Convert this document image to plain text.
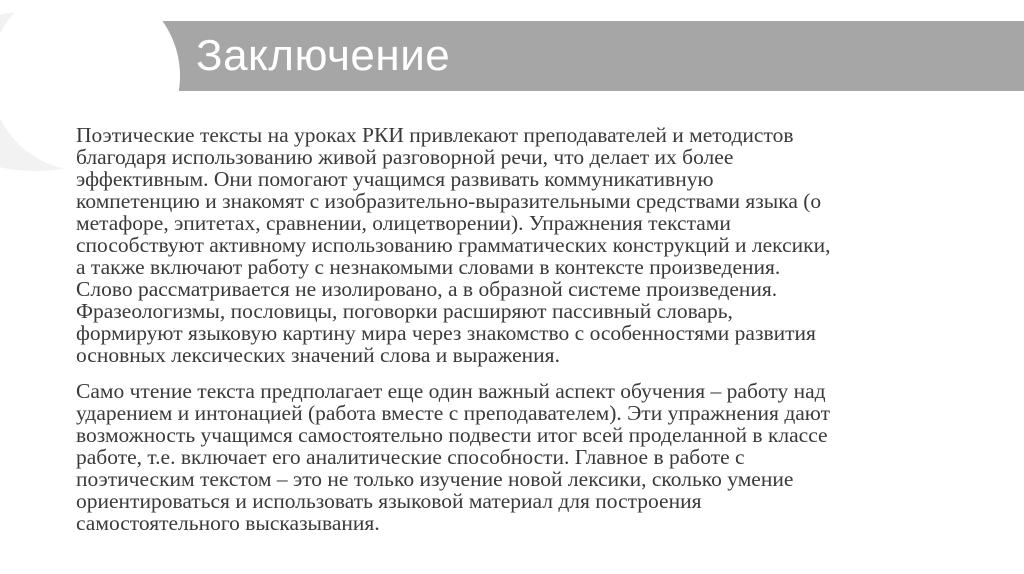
Заключение

Поэтические тексты на уроках РКИ привлекают преподавателей и методистов
благодаря использованию живой разговорной речи, что делает их более
эффективным. Они помогают учащимся развивать коммуникативную
компетенцию и знакомят с изобразительно-выразительными средствами языка (о
метафоре, эпитетах, сравнении, олицетворении). Упражнения текстами
способствуют активному использованию грамматических конструкций и лексики,
а также включают работу с незнакомыми словами в контексте произведения.
Слово рассматривается не изолировано, а в образной системе произведения.
Фразеологизмы, пословицы, поговорки расширяют пассивный словарь,
формируют языковую картину мира через знакомство с особенностями развития
основных лексических значений слова и выражения.

Само чтение текста предполагает еще один важный аспект обучения – работу над
ударением и интонацией (работа вместе с преподавателем). Эти упражнения дают
возможность учащимся самостоятельно подвести итог всей проделанной в классе
работе, т.е. включает его аналитические способности. Главное в работе с
поэтическим текстом – это не только изучение новой лексики, сколько умение
ориентироваться и использовать языковой материал для построения
самостоятельного высказывания.
